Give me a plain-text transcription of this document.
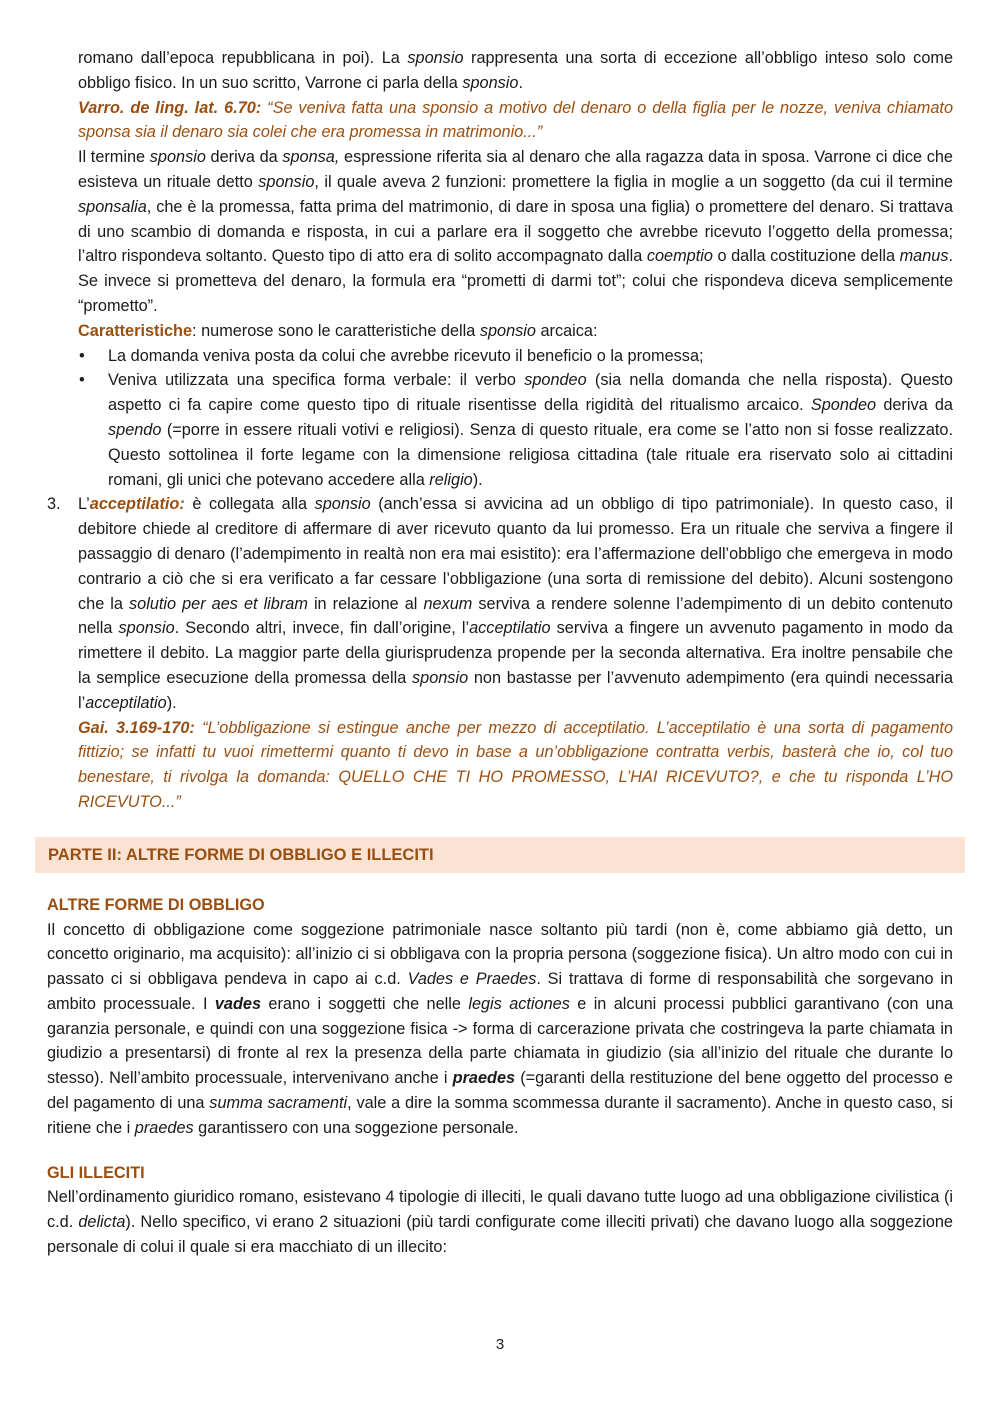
romano dall’epoca repubblicana in poi). La sponsio rappresenta una sorta di eccezione all’obbligo inteso solo come obbligo fisico. In un suo scritto, Varrone ci parla della sponsio.

Varro. de ling. lat. 6.70: “Se veniva fatta una sponsio a motivo del denaro o della figlia per le nozze, veniva chiamato sponsa sia il denaro sia colei che era promessa in matrimonio...”

Il termine sponsio deriva da sponsa, espressione riferita sia al denaro che alla ragazza data in sposa. Varrone ci dice che esisteva un rituale detto sponsio, il quale aveva 2 funzioni: promettere la figlia in moglie a un soggetto (da cui il termine sponsalia, che è la promessa, fatta prima del matrimonio, di dare in sposa una figlia) o promettere del denaro. Si trattava di uno scambio di domanda e risposta, in cui a parlare era il soggetto che avrebbe ricevuto l’oggetto della promessa; l’altro rispondeva soltanto. Questo tipo di atto era di solito accompagnato dalla coemptio o dalla costituzione della manus. Se invece si prometteva del denaro, la formula era “prometti di darmi tot”; colui che rispondeva diceva semplicemente “prometto”.

Caratteristiche: numerose sono le caratteristiche della sponsio arcaica:

• La domanda veniva posta da colui che avrebbe ricevuto il beneficio o la promessa;
• Veniva utilizzata una specifica forma verbale: il verbo spondeo (sia nella domanda che nella risposta). Questo aspetto ci fa capire come questo tipo di rituale risentisse della rigidità del ritualismo arcaico. Spondeo deriva da spendo (=porre in essere rituali votivi e religiosi). Senza di questo rituale, era come se l’atto non si fosse realizzato. Questo sottolinea il forte legame con la dimensione religiosa cittadina (tale rituale era riservato solo ai cittadini romani, gli unici che potevano accedere alla religio).
3. L’acceptilatio: è collegata alla sponsio (anch’essa si avvicina ad un obbligo di tipo patrimoniale). In questo caso, il debitore chiede al creditore di affermare di aver ricevuto quanto da lui promesso. Era un rituale che serviva a fingere il passaggio di denaro (l’adempimento in realtà non era mai esistito): era l’affermazione dell’obbligo che emergeva in modo contrario a ciò che si era verificato a far cessare l’obbligazione (una sorta di remissione del debito). Alcuni sostengono che la solutio per aes et libram in relazione al nexum serviva a rendere solenne l’adempimento di un debito contenuto nella sponsio. Secondo altri, invece, fin dall’origine, l’acceptilatio serviva a fingere un avvenuto pagamento in modo da rimettere il debito. La maggior parte della giurisprudenza propende per la seconda alternativa. Era inoltre pensabile che la semplice esecuzione della promessa della sponsio non bastasse per l’avvenuto adempimento (era quindi necessaria l’acceptilatio).

Gai. 3.169-170: “L’obbligazione si estingue anche per mezzo di acceptilatio. L’acceptilatio è una sorta di pagamento fittizio; se infatti tu vuoi rimettermi quanto ti devo in base a un’obbligazione contratta verbis, basterà che io, col tuo benestare, ti rivolga la domanda: QUELLO CHE TI HO PROMESSO, L’HAI RICEVUTO?, e che tu risponda L’HO RICEVUTO...”

PARTE II: ALTRE FORME DI OBBLIGO E ILLECITI
ALTRE FORME DI OBBLIGO

Il concetto di obbligazione come soggezione patrimoniale nasce soltanto più tardi (non è, come abbiamo già detto, un concetto originario, ma acquisito): all’inizio ci si obbligava con la propria persona (soggezione fisica). Un altro modo con cui in passato ci si obbligava pendeva in capo ai c.d. Vades e Praedes. Si trattava di forme di responsabilità che sorgevano in ambito processuale. I vades erano i soggetti che nelle legis actiones e in alcuni processi pubblici garantivano (con una garanzia personale, e quindi con una soggezione fisica -> forma di carcerazione privata che costringeva la parte chiamata in giudizio a presentarsi) di fronte al rex la presenza della parte chiamata in giudizio (sia all’inizio del rituale che durante lo stesso). Nell’ambito processuale, intervenivano anche i praedes (=garanti della restituzione del bene oggetto del processo e del pagamento di una summa sacramenti, vale a dire la somma scommessa durante il sacramento). Anche in questo caso, si ritiene che i praedes garantissero con una soggezione personale.

GLI ILLECITI

Nell’ordinamento giuridico romano, esistevano 4 tipologie di illeciti, le quali davano tutte luogo ad una obbligazione civilistica (i c.d. delicta). Nello specifico, vi erano 2 situazioni (più tardi configurate come illeciti privati) che davano luogo alla soggezione personale di colui il quale si era macchiato di un illecito:

3
